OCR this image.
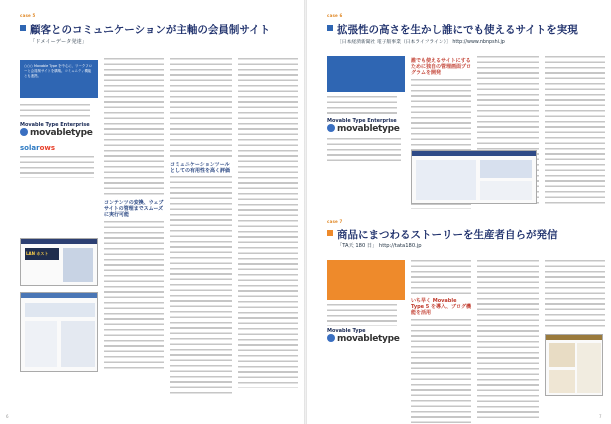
case 5
顧客とのコミュニケーションが主軸の会員制サイト
「ドメイーデータ発達」
○○○ Movable Type を中心に、ワークフローと会員制サイトを構築。コミュニティ機能とも連携。
Movable Type Enterprise
movabletype
solarows
コンテンツの変換、ウェブサイトの管理までスムーズに実行可能
コミュニケーションツールとしての有用性を高く評価
LAN ホスト
6
case 6
拡張性の高さを生かし誰にでも使えるサイトを実現
［日本経済新聞社 電子版事業（日本ライフライン）］ http://www.nbnpshi.jp
Movable Type Enterprise
movabletype
誰でも使えるサイトにするために独自の管理画面プログラムを開発
7
case 7
商品にまつわるストーリーを生産者自らが発信
「TA天 180 日」 http://tata180.jp
Movable Type
movabletype
いち早く Movable Type 5 を導入、ブログ機能を活用
